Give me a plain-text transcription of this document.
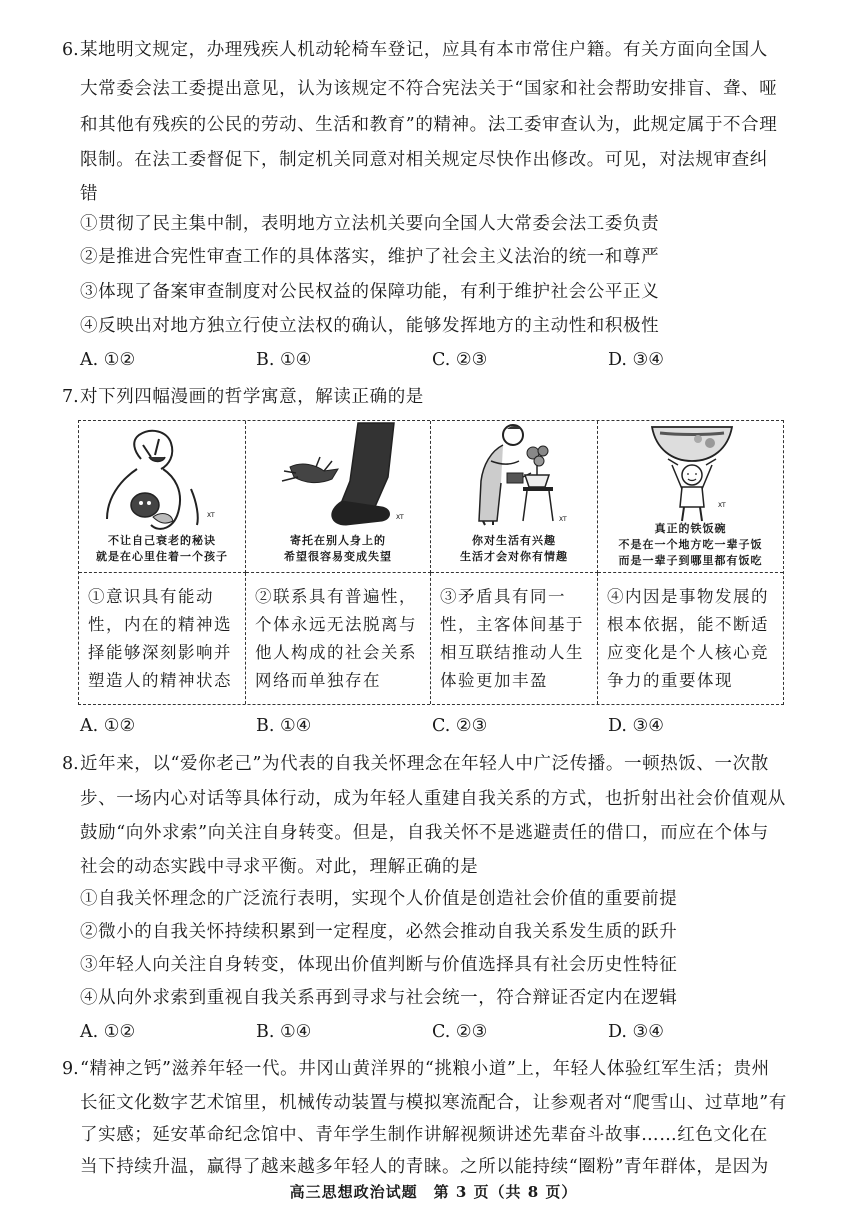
6. 某地明文规定，办理残疾人机动轮椅车登记，应具有本市常住户籍。有关方面向全国人
大常委会法工委提出意见，认为该规定不符合宪法关于“国家和社会帮助安排盲、聋、哑
和其他有残疾的公民的劳动、生活和教育”的精神。法工委审查认为，此规定属于不合理
限制。在法工委督促下，制定机关同意对相关规定尽快作出修改。可见，对法规审查纠
错
①贯彻了民主集中制，表明地方立法机关要向全国人大常委会法工委负责
②是推进合宪性审查工作的具体落实，维护了社会主义法治的统一和尊严
③体现了备案审查制度对公民权益的保障功能，有利于维护社会公平正义
④反映出对地方独立行使立法权的确认，能够发挥地方的主动性和积极性
A. ①②	B. ①④	C. ②③	D. ③④
7. 对下列四幅漫画的哲学寓意，解读正确的是
XT
不让自己衰老的秘诀
就是在心里住着一个孩子
XT
寄托在别人身上的
希望很容易变成失望
XT
你对生活有兴趣
生活才会对你有情趣
XT
真正的铁饭碗
不是在一个地方吃一辈子饭
而是一辈子到哪里都有饭吃
①意识具有能动性，内在的精神选择能够深刻影响并塑造人的精神状态
②联系具有普遍性，个体永远无法脱离与他人构成的社会关系网络而单独存在
③矛盾具有同一性，主客体间基于相互联结推动人生体验更加丰盈
④内因是事物发展的根本依据，能不断适应变化是个人核心竞争力的重要体现
A. ①②	B. ①④	C. ②③	D. ③④
8. 近年来，以“爱你老己”为代表的自我关怀理念在年轻人中广泛传播。一顿热饭、一次散
步、一场内心对话等具体行动，成为年轻人重建自我关系的方式，也折射出社会价值观从
鼓励“向外求索”向关注自身转变。但是，自我关怀不是逃避责任的借口，而应在个体与
社会的动态实践中寻求平衡。对此，理解正确的是
①自我关怀理念的广泛流行表明，实现个人价值是创造社会价值的重要前提
②微小的自我关怀持续积累到一定程度，必然会推动自我关系发生质的跃升
③年轻人向关注自身转变，体现出价值判断与价值选择具有社会历史性特征
④从向外求索到重视自我关系再到寻求与社会统一，符合辩证否定内在逻辑
A. ①②	B. ①④	C. ②③	D. ③④
9. “精神之钙”滋养年轻一代。井冈山黄洋界的“挑粮小道”上，年轻人体验红军生活；贵州
长征文化数字艺术馆里，机械传动装置与模拟寒流配合，让参观者对“爬雪山、过草地”有
了实感；延安革命纪念馆中、青年学生制作讲解视频讲述先辈奋斗故事……红色文化在
当下持续升温，赢得了越来越多年轻人的青睐。之所以能持续“圈粉”青年群体，是因为
高三思想政治试题　第 3 页（共 8 页）
